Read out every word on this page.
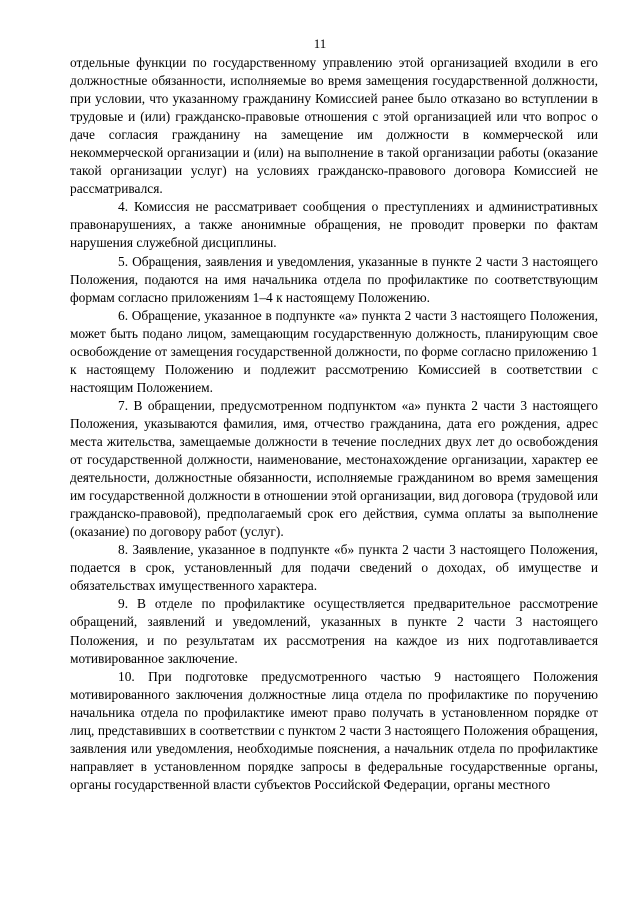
11

отдельные функции по государственному управлению этой организацией входили в его должностные обязанности, исполняемые во время замещения государственной должности, при условии, что указанному гражданину Комиссией ранее было отказано во вступлении в трудовые и (или) гражданско-правовые отношения с этой организацией или что вопрос о даче согласия гражданину на замещение им должности в коммерческой или некоммерческой организации и (или) на выполнение в такой организации работы (оказание такой организации услуг) на условиях гражданско-правового договора Комиссией не рассматривался.

4. Комиссия не рассматривает сообщения о преступлениях и административных правонарушениях, а также анонимные обращения, не проводит проверки по фактам нарушения служебной дисциплины.

5. Обращения, заявления и уведомления, указанные в пункте 2 части 3 настоящего Положения, подаются на имя начальника отдела по профилактике по соответствующим формам согласно приложениям 1–4 к настоящему Положению.

6. Обращение, указанное в подпункте «а» пункта 2 части 3 настоящего Положения, может быть подано лицом, замещающим государственную должность, планирующим свое освобождение от замещения государственной должности, по форме согласно приложению 1 к настоящему Положению и подлежит рассмотрению Комиссией в соответствии с настоящим Положением.

7. В обращении, предусмотренном подпунктом «а» пункта 2 части 3 настоящего Положения, указываются фамилия, имя, отчество гражданина, дата его рождения, адрес места жительства, замещаемые должности в течение последних двух лет до освобождения от государственной должности, наименование, местонахождение организации, характер ее деятельности, должностные обязанности, исполняемые гражданином во время замещения им государственной должности в отношении этой организации, вид договора (трудовой или гражданско-правовой), предполагаемый срок его действия, сумма оплаты за выполнение (оказание) по договору работ (услуг).

8. Заявление, указанное в подпункте «б» пункта 2 части 3 настоящего Положения, подается в срок, установленный для подачи сведений о доходах, об имуществе и обязательствах имущественного характера.

9. В отделе по профилактике осуществляется предварительное рассмотрение обращений, заявлений и уведомлений, указанных в пункте 2 части 3 настоящего Положения, и по результатам их рассмотрения на каждое из них подготавливается мотивированное заключение.

10. При подготовке предусмотренного частью 9 настоящего Положения мотивированного заключения должностные лица отдела по профилактике по поручению начальника отдела по профилактике имеют право получать в установленном порядке от лиц, представивших в соответствии с пунктом 2 части 3 настоящего Положения обращения, заявления или уведомления, необходимые пояснения, а начальник отдела по профилактике направляет в установленном порядке запросы в федеральные государственные органы, органы государственной власти субъектов Российской Федерации, органы местного
